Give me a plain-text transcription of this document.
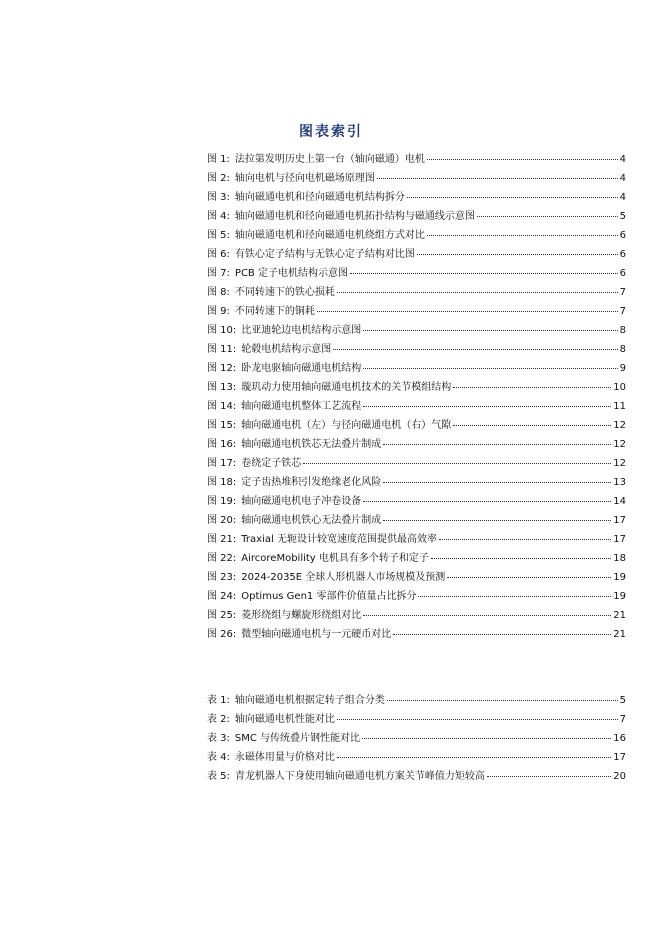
图表索引
图 1: 法拉第发明历史上第一台（轴向磁通）电机	4
图 2: 轴向电机与径向电机磁场原理图	4
图 3: 轴向磁通电机和径向磁通电机结构拆分	4
图 4: 轴向磁通电机和径向磁通电机拓扑结构与磁通线示意图	5
图 5: 轴向磁通电机和径向磁通电机绕组方式对比	6
图 6: 有铁心定子结构与无铁心定子结构对比图	6
图 7: PCB 定子电机结构示意图	6
图 8: 不同转速下的铁心损耗	7
图 9: 不同转速下的铜耗	7
图 10: 比亚迪轮边电机结构示意图	8
图 11: 轮毂电机结构示意图	8
图 12: 卧龙电驱轴向磁通电机结构	9
图 13: 璇玑动力使用轴向磁通电机技术的关节模组结构	10
图 14: 轴向磁通电机整体工艺流程	11
图 15: 轴向磁通电机（左）与径向磁通电机（右）气隙	12
图 16: 轴向磁通电机铁芯无法叠片制成	12
图 17: 卷绕定子铁芯	12
图 18: 定子齿热堆积引发绝缘老化风险	13
图 19: 轴向磁通电机电子冲卷设备	14
图 20: 轴向磁通电机铁心无法叠片制成	17
图 21: Traxial 无轭设计较宽速度范围提供最高效率	17
图 22: AircoreMobility 电机具有多个转子和定子	18
图 23: 2024-2035E 全球人形机器人市场规模及预测	19
图 24: Optimus Gen1 零部件价值量占比拆分	19
图 25: 菱形绕组与螺旋形绕组对比	21
图 26: 微型轴向磁通电机与一元硬币对比	21
表 1: 轴向磁通电机根据定转子组合分类	5
表 2: 轴向磁通电机性能对比	7
表 3: SMC 与传统叠片钢性能对比	16
表 4: 永磁体用量与价格对比	17
表 5: 青龙机器人下身使用轴向磁通电机方案关节峰值力矩较高	20
